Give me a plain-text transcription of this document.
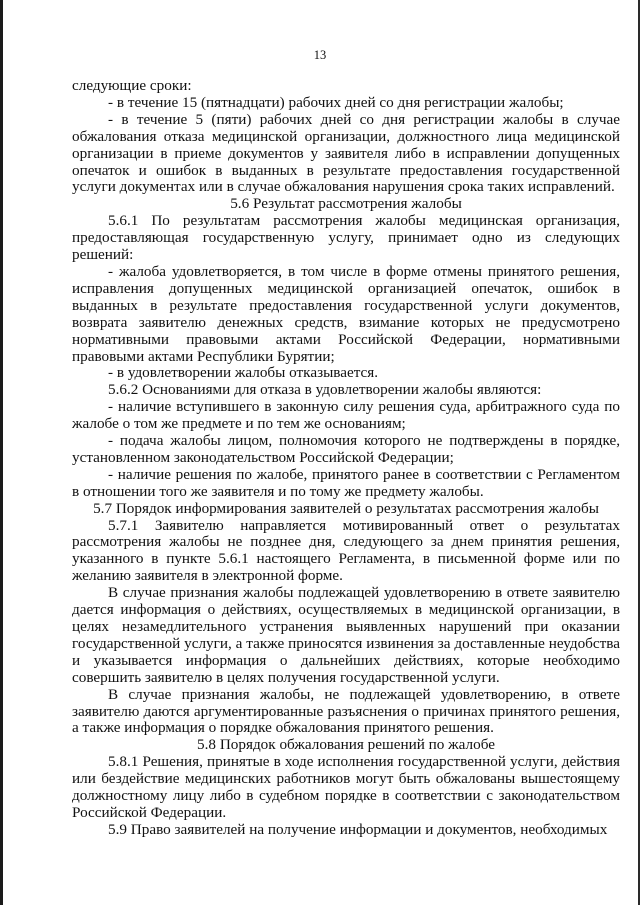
13

следующие сроки:

- в течение 15 (пятнадцати) рабочих дней со дня регистрации жалобы;

- в течение 5 (пяти) рабочих дней со дня регистрации жалобы в случае обжалования отказа медицинской организации, должностного лица медицинской организации в приеме документов у заявителя либо в исправлении допущенных опечаток и ошибок в выданных в результате предоставления государственной услуги документах или в случае обжалования нарушения срока таких исправлений.

5.6 Результат рассмотрения жалобы

5.6.1 По результатам рассмотрения жалобы медицинская организация, предоставляющая государственную услугу, принимает одно из следующих решений:

- жалоба удовлетворяется, в том числе в форме отмены принятого решения, исправления допущенных медицинской организацией опечаток, ошибок в выданных в результате предоставления государственной услуги документов, возврата заявителю денежных средств, взимание которых не предусмотрено нормативными правовыми актами Российской Федерации, нормативными правовыми актами Республики Бурятии;

- в удовлетворении жалобы отказывается.

5.6.2 Основаниями для отказа в удовлетворении жалобы являются:

- наличие вступившего в законную силу решения суда, арбитражного суда по жалобе о том же предмете и по тем же основаниям;

- подача жалобы лицом, полномочия которого не подтверждены в порядке, установленном законодательством Российской Федерации;

- наличие решения по жалобе, принятого ранее в соответствии с Регламентом в отношении того же заявителя и по тому же предмету жалобы.

5.7 Порядок информирования заявителей о результатах рассмотрения жалобы

5.7.1 Заявителю направляется мотивированный ответ о результатах рассмотрения жалобы не позднее дня, следующего за днем принятия решения, указанного в пункте 5.6.1 настоящего Регламента, в письменной форме или по желанию заявителя в электронной форме.

В случае признания жалобы подлежащей удовлетворению в ответе заявителю дается информация о действиях, осуществляемых в медицинской организации, в целях незамедлительного устранения выявленных нарушений при оказании государственной услуги, а также приносятся извинения за доставленные неудобства и указывается информация о дальнейших действиях, которые необходимо совершить заявителю в целях получения государственной услуги.

В случае признания жалобы, не подлежащей удовлетворению, в ответе заявителю даются аргументированные разъяснения о причинах принятого решения, а также информация о порядке обжалования принятого решения.

5.8 Порядок обжалования решений по жалобе

5.8.1 Решения, принятые в ходе исполнения государственной услуги, действия или бездействие медицинских работников могут быть обжалованы вышестоящему должностному лицу либо в судебном порядке в соответствии с законодательством Российской Федерации.

5.9 Право заявителей на получение информации и документов, необходимых
